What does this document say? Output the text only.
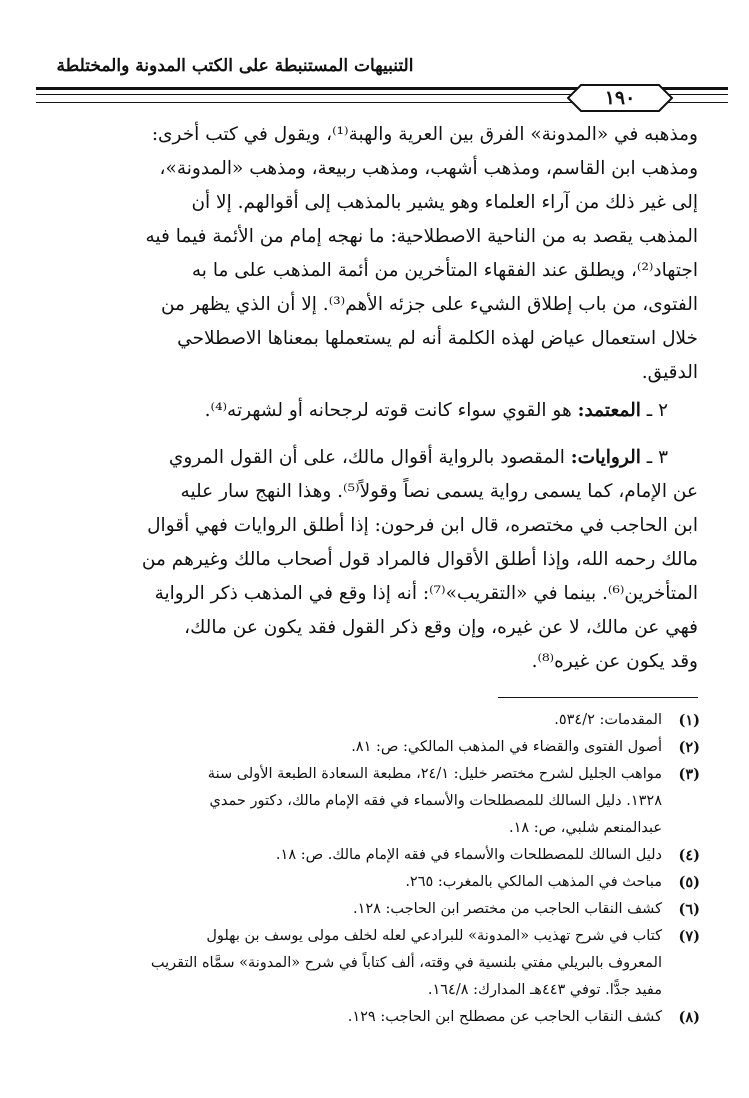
التنبيهات المستنبطة على الكتب المدونة والمختلطة
١٩٠
ومذهبه في «المدونة» الفرق بين العرية والهبة⁽¹⁾، ويقول في كتب أخرى:
ومذهب ابن القاسم، ومذهب أشهب، ومذهب ربيعة، ومذهب «المدونة»،
إلى غير ذلك من آراء العلماء وهو يشير بالمذهب إلى أقوالهم. إلا أن
المذهب يقصد به من الناحية الاصطلاحية: ما نهجه إمام من الأئمة فيما فيه
اجتهاد⁽²⁾، ويطلق عند الفقهاء المتأخرين من أئمة المذهب على ما به
الفتوى، من باب إطلاق الشيء على جزئه الأهم⁽³⁾. إلا أن الذي يظهر من
خلال استعمال عياض لهذه الكلمة أنه لم يستعملها بمعناها الاصطلاحي
الدقيق.
٢ ـ المعتمد: هو القوي سواء كانت قوته لرجحانه أو لشهرته⁽⁴⁾.
٣ ـ الروايات: المقصود بالرواية أقوال مالك، على أن القول المروي
عن الإمام، كما يسمى رواية يسمى نصاً وقولاً⁽⁵⁾. وهذا النهج سار عليه
ابن الحاجب في مختصره، قال ابن فرحون: إذا أطلق الروايات فهي أقوال
مالك رحمه الله، وإذا أطلق الأقوال فالمراد قول أصحاب مالك وغيرهم من
المتأخرين⁽⁶⁾. بينما في «التقريب»⁽⁷⁾: أنه إذا وقع في المذهب ذكر الرواية
فهي عن مالك، لا عن غيره، وإن وقع ذكر القول فقد يكون عن مالك،
وقد يكون عن غيره⁽⁸⁾.
(١)
المقدمات: ٥٣٤/٢.
(٢)
أصول الفتوى والقضاء في المذهب المالكي: ص: ٨١.
(٣)
مواهب الجليل لشرح مختصر خليل: ٢٤/١، مطبعة السعادة الطبعة الأولى سنة
١٣٢٨. دليل السالك للمصطلحات والأسماء في فقه الإمام مالك، دكتور حمدي
عبدالمنعم شلبي، ص: ١٨.
(٤)
دليل السالك للمصطلحات والأسماء في فقه الإمام مالك. ص: ١٨.
(٥)
مباحث في المذهب المالكي بالمغرب: ٢٦٥.
(٦)
كشف النقاب الحاجب من مختصر ابن الحاجب: ١٢٨.
(٧)
كتاب في شرح تهذيب «المدونة» للبرادعي لعله لخلف مولى يوسف بن بهلول
المعروف بالبريلي مفتي بلنسية في وقته، ألف كتاباً في شرح «المدونة» سمَّاه التقريب
مفيد جدًّا. توفي ٤٤٣هـ المدارك: ١٦٤/٨.
(٨)
كشف النقاب الحاجب عن مصطلح ابن الحاجب: ١٢٩.
